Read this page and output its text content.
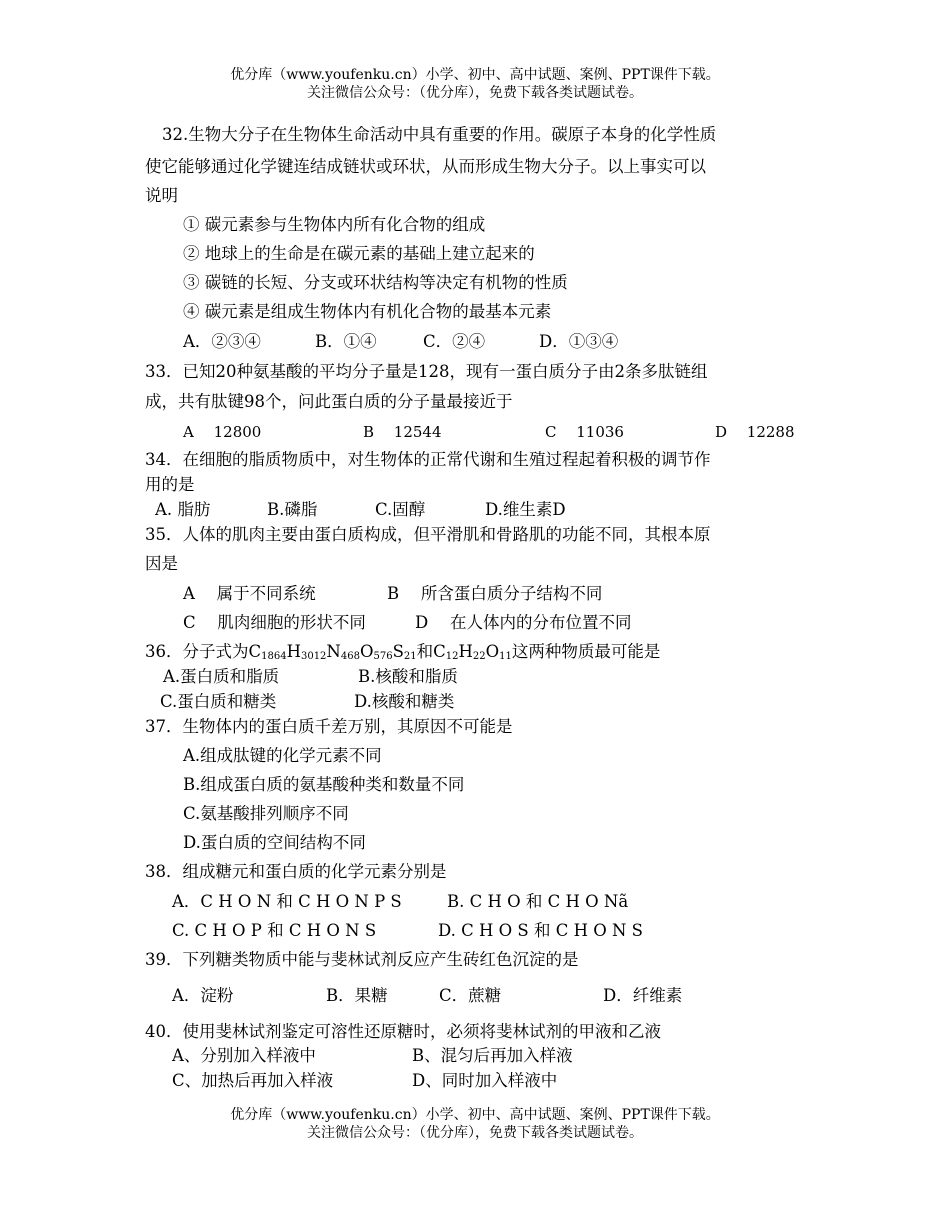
优分库（www.youfenku.cn）小学、初中、高中试题、案例、PPT课件下载。
关注微信公众号：（优分库），免费下载各类试题试卷。
32.生物大分子在生物体生命活动中具有重要的作用。碳原子本身的化学性质
使它能够通过化学键连结成链状或环状，从而形成生物大分子。以上事实可以
说明
① 碳元素参与生物体内所有化合物的组成
② 地球上的生命是在碳元素的基础上建立起来的
③ 碳链的长短、分支或环状结构等决定有机物的性质
④ 碳元素是组成生物体内有机化合物的最基本元素
A．②③④	B．①④	C．②④	D．①③④
33．已知20种氨基酸的平均分子量是128，现有一蛋白质分子由2条多肽链组
成，共有肽键98个，问此蛋白质的分子量最接近于
A　 12800	B　 12544	C　 11036	D　 12288
34．在细胞的脂质物质中，对生物体的正常代谢和生殖过程起着积极的调节作
用的是
A. 脂肪	B.磷脂	C.固醇	D.维生素D
35．人体的肌肉主要由蛋白质构成，但平滑肌和骨路肌的功能不同，其根本原
因是
A　 属于不同系统	B　 所含蛋白质分子结构不同
C　 肌肉细胞的形状不同	D　 在人体内的分布位置不同
36．分子式为$C_{1864}H_{3012}N_{468}O_{576}S_{21}$和$C_{12}H_{22}O_{11}$这两种物质最可能是
A.蛋白质和脂质	B.核酸和脂质
C.蛋白质和糖类	D.核酸和糖类
37．生物体内的蛋白质千差万别，其原因不可能是
A.组成肽键的化学元素不同
B.组成蛋白质的氨基酸种类和数量不同
C.氨基酸排列顺序不同
D.蛋白质的空间结构不同
38．组成糖元和蛋白质的化学元素分别是
A．C H O N 和 C H O N P S	B. C H O 和 C H O Nã
C. C H O P 和 C H O N S	D. C H O S 和 C H O N S
39．下列糖类物质中能与斐林试剂反应产生砖红色沉淀的是
A．淀粉	B．果糖	C．蔗糖	D．纤维素
40．使用斐林试剂鉴定可溶性还原糖时，必须将斐林试剂的甲液和乙液
A、分别加入样液中	B、混匀后再加入样液
C、加热后再加入样液	D、同时加入样液中
优分库（www.youfenku.cn）小学、初中、高中试题、案例、PPT课件下载。
关注微信公众号：（优分库），免费下载各类试题试卷。
